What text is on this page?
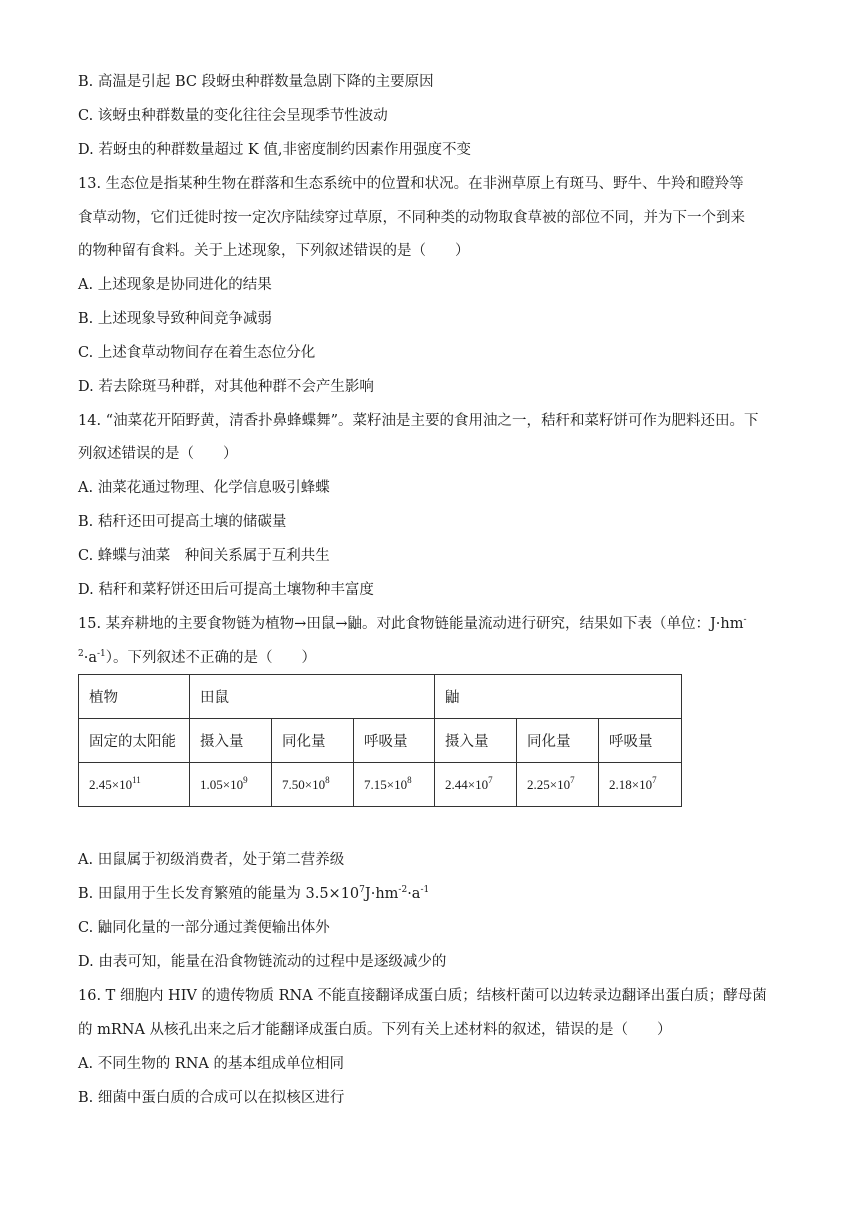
B. 高温是引起 BC 段蚜虫种群数量急剧下降的主要原因
C. 该蚜虫种群数量的变化往往会呈现季节性波动
D. 若蚜虫的种群数量超过 K 值,非密度制约因素作用强度不变
13. 生态位是指某种生物在群落和生态系统中的位置和状况。在非洲草原上有斑马、野牛、牛羚和瞪羚等
食草动物，它们迁徙时按一定次序陆续穿过草原，不同种类的动物取食草被的部位不同，并为下一个到来
的物种留有食料。关于上述现象，下列叙述错误的是（　　）
A. 上述现象是协同进化的结果
B. 上述现象导致种间竞争减弱
C. 上述食草动物间存在着生态位分化
D. 若去除斑马种群，对其他种群不会产生影响
14. “油菜花开陌野黄，清香扑鼻蜂蝶舞”。菜籽油是主要的食用油之一，秸秆和菜籽饼可作为肥料还田。下
列叙述错误的是（　　）
A. 油菜花通过物理、化学信息吸引蜂蝶
B. 秸秆还田可提高土壤的储碳量
C. 蜂蝶与油菜　种间关系属于互利共生
D. 秸秆和菜籽饼还田后可提高土壤物种丰富度
15. 某弃耕地的主要食物链为植物→田鼠→鼬。对此食物链能量流动进行研究，结果如下表（单位：J·hm-
$^2\cdot a^{-1}$）。下列叙述不正确的是（　　）
植物	田鼠			鼬		
固定的太阳能	摄入量	同化量	呼吸量	摄入量	同化量	呼吸量
$2.45\times 10^{11}$	$1.05\times 10^9$	$7.50\times 10^8$	$7.15\times 10^8$	$2.44\times 10^7$	$2.25\times 10^7$	$2.18\times 10^7$
A. 田鼠属于初级消费者，处于第二营养级
B. 田鼠用于生长发育繁殖的能量为 $3.5\times 10^7J\cdot hm^{-2}\cdot a^{-1}$
C. 鼬同化量的一部分通过粪便输出体外
D. 由表可知，能量在沿食物链流动的过程中是逐级减少的
16. T 细胞内 HIV 的遗传物质 RNA 不能直接翻译成蛋白质；结核杆菌可以边转录边翻译出蛋白质；酵母菌
的 mRNA 从核孔出来之后才能翻译成蛋白质。下列有关上述材料的叙述，错误的是（　　）
A. 不同生物的 RNA 的基本组成单位相同
B. 细菌中蛋白质的合成可以在拟核区进行
